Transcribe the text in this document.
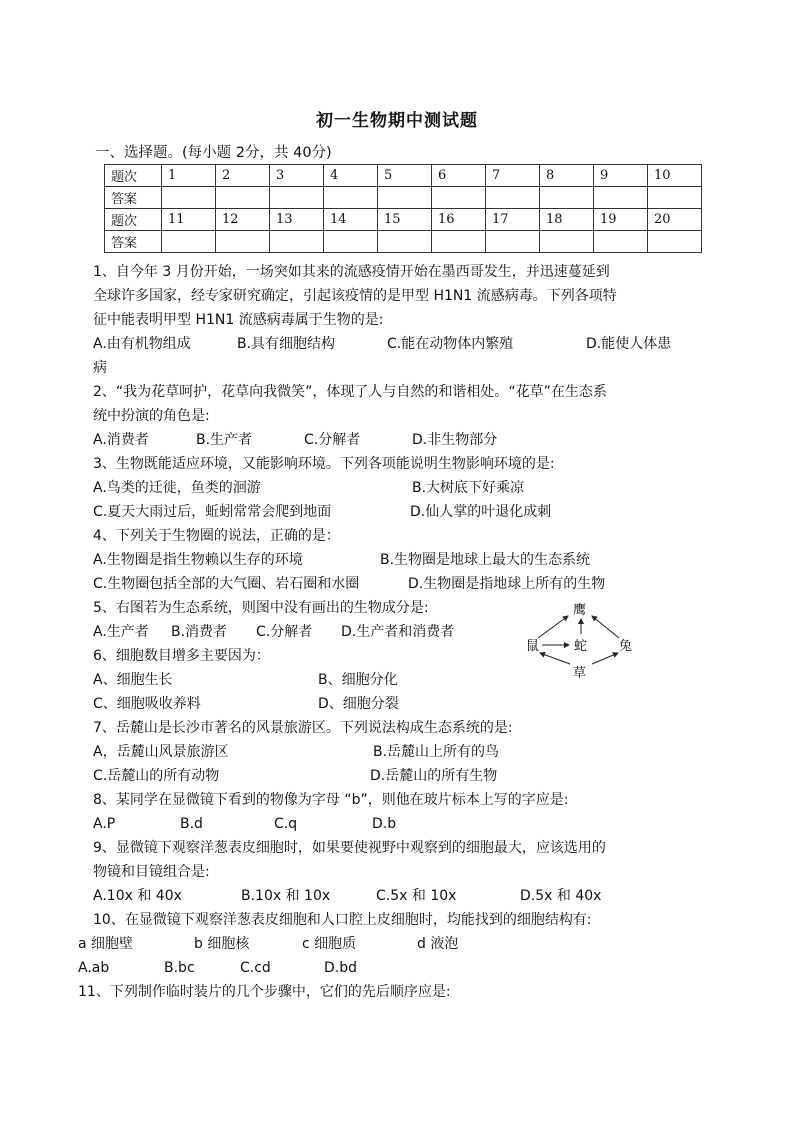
初一生物期中测试题
一、选择题。(每小题 2分，共 40分)
题次	1	2	3	4	5	6	7	8	9	10
答案										
题次	11	12	13	14	15	16	17	18	19	20
答案										
1、自今年 3 月份开始，一场突如其来的流感疫情开始在墨西哥发生，并迅速蔓延到
全球许多国家，经专家研究确定，引起该疫情的是甲型 H1N1 流感病毒。下列各项特
征中能表明甲型 H1N1 流感病毒属于生物的是:
A.由有机物组成	B.具有细胞结构	C.能在动物体内繁殖	D.能使人体患
病
2、“我为花草呵护，花草向我微笑”，体现了人与自然的和谐相处。“花草”在生态系
统中扮演的角色是:
A.消费者	B.生产者	C.分解者	D.非生物部分
3、生物既能适应环境，又能影响环境。下列各项能说明生物影响环境的是:
A.鸟类的迁徙，鱼类的洄游	B.大树底下好乘凉
C.夏天大雨过后，蚯蚓常常会爬到地面	D.仙人掌的叶退化成刺
4、下列关于生物圈的说法，正确的是：
A.生物圈是指生物赖以生存的环境	B.生物圈是地球上最大的生态系统
C.生物圈包括全部的大气圈、岩石圈和水圈	D.生物圈是指地球上所有的生物
5、右图若为生态系统，则图中没有画出的生物成分是:
A.生产者 B.消费者 C.分解者 D.生产者和消费者
鹰
鼠	蛇 兔
草
6、细胞数目增多主要因为：
A、细胞生长	B、细胞分化
C、细胞吸收养料	D、细胞分裂
7、岳麓山是长沙市著名的风景旅游区。下列说法构成生态系统的是:
A，岳麓山风景旅游区	B.岳麓山上所有的鸟
C.岳麓山的所有动物	D.岳麓山的所有生物
8、某同学在显微镜下看到的物像为字母 “b”，则他在玻片标本上写的字应是:
A.P	B.d	C.q	D.b
9、显微镜下观察洋葱表皮细胞时，如果要使视野中观察到的细胞最大，应该选用的
物镜和目镜组合是:
A.10x 和 40x	B.10x 和 10x	C.5x 和 10x	D.5x 和 40x
10、在显微镜下观察洋葱表皮细胞和人口腔上皮细胞时，均能找到的细胞结构有:
a 细胞壁	b 细胞核	c 细胞质	d 液泡
A.ab	B.bc	C.cd	D.bd
11、下列制作临时装片的几个步骤中，它们的先后顺序应是:
